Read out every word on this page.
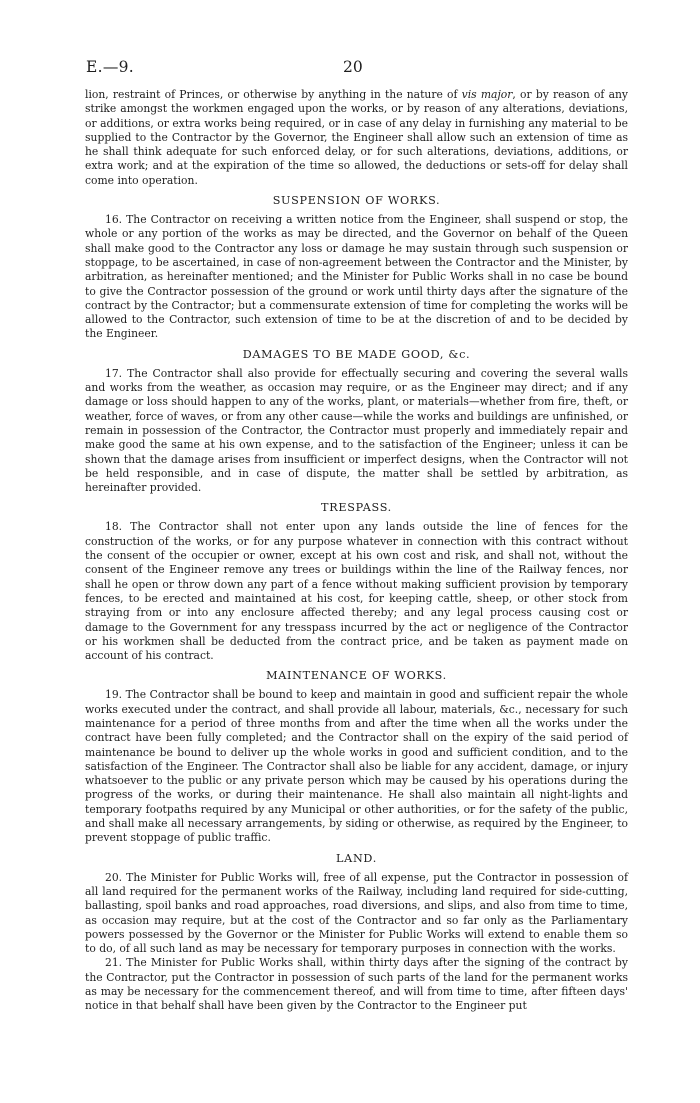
E.—9.	20

lion, restraint of Princes, or otherwise by anything in the nature of vis major, or by reason of any strike amongst the workmen engaged upon the works, or by reason of any alterations, deviations, or additions, or extra works being required, or in case of any delay in furnishing any material to be supplied to the Contractor by the Governor, the Engineer shall allow such an extension of time as he shall think adequate for such enforced delay, or for such alterations, deviations, additions, or extra work; and at the expiration of the time so allowed, the deductions or sets-off for delay shall come into operation.

SUSPENSION OF WORKS.

16. The Contractor on receiving a written notice from the Engineer, shall suspend or stop, the whole or any portion of the works as may be directed, and the Governor on behalf of the Queen shall make good to the Contractor any loss or damage he may sustain through such suspension or stoppage, to be ascertained, in case of non-agreement between the Contractor and the Minister, by arbitration, as hereinafter mentioned; and the Minister for Public Works shall in no case be bound to give the Contractor possession of the ground or work until thirty days after the signature of the contract by the Contractor; but a commensurate extension of time for completing the works will be allowed to the Contractor, such extension of time to be at the discretion of and to be decided by the Engineer.

DAMAGES TO BE MADE GOOD, &c.

17. The Contractor shall also provide for effectually securing and covering the several walls and works from the weather, as occasion may require, or as the Engineer may direct; and if any damage or loss should happen to any of the works, plant, or materials—whether from fire, theft, or weather, force of waves, or from any other cause—while the works and buildings are unfinished, or remain in possession of the Contractor, the Contractor must properly and immediately repair and make good the same at his own expense, and to the satisfaction of the Engineer; unless it can be shown that the damage arises from insufficient or imperfect designs, when the Contractor will not be held responsible, and in case of dispute, the matter shall be settled by arbitration, as hereinafter provided.

TRESPASS.

18. The Contractor shall not enter upon any lands outside the line of fences for the construction of the works, or for any purpose whatever in connection with this contract without the consent of the occupier or owner, except at his own cost and risk, and shall not, without the consent of the Engineer remove any trees or buildings within the line of the Railway fences, nor shall he open or throw down any part of a fence without making sufficient provision by temporary fences, to be erected and maintained at his cost, for keeping cattle, sheep, or other stock from straying from or into any enclosure affected thereby; and any legal process causing cost or damage to the Government for any tresspass incurred by the act or negligence of the Contractor or his workmen shall be deducted from the contract price, and be taken as payment made on account of his contract.

MAINTENANCE OF WORKS.

19. The Contractor shall be bound to keep and maintain in good and sufficient repair the whole works executed under the contract, and shall provide all labour, materials, &c., necessary for such maintenance for a period of three months from and after the time when all the works under the contract have been fully completed; and the Contractor shall on the expiry of the said period of maintenance be bound to deliver up the whole works in good and sufficient condition, and to the satisfaction of the Engineer. The Contractor shall also be liable for any accident, damage, or injury whatsoever to the public or any private person which may be caused by his operations during the progress of the works, or during their maintenance. He shall also maintain all night-lights and temporary footpaths required by any Municipal or other authorities, or for the safety of the public, and shall make all necessary arrangements, by siding or otherwise, as required by the Engineer, to prevent stoppage of public traffic.

LAND.

20. The Minister for Public Works will, free of all expense, put the Contractor in possession of all land required for the permanent works of the Railway, including land required for side-cutting, ballasting, spoil banks and road approaches, road diversions, and slips, and also from time to time, as occasion may require, but at the cost of the Contractor and so far only as the Parliamentary powers possessed by the Governor or the Minister for Public Works will extend to enable them so to do, of all such land as may be necessary for temporary purposes in connection with the works.

21. The Minister for Public Works shall, within thirty days after the signing of the contract by the Contractor, put the Contractor in possession of such parts of the land for the permanent works as may be necessary for the commencement thereof, and will from time to time, after fifteen days' notice in that behalf shall have been given by the Contractor to the Engineer put
